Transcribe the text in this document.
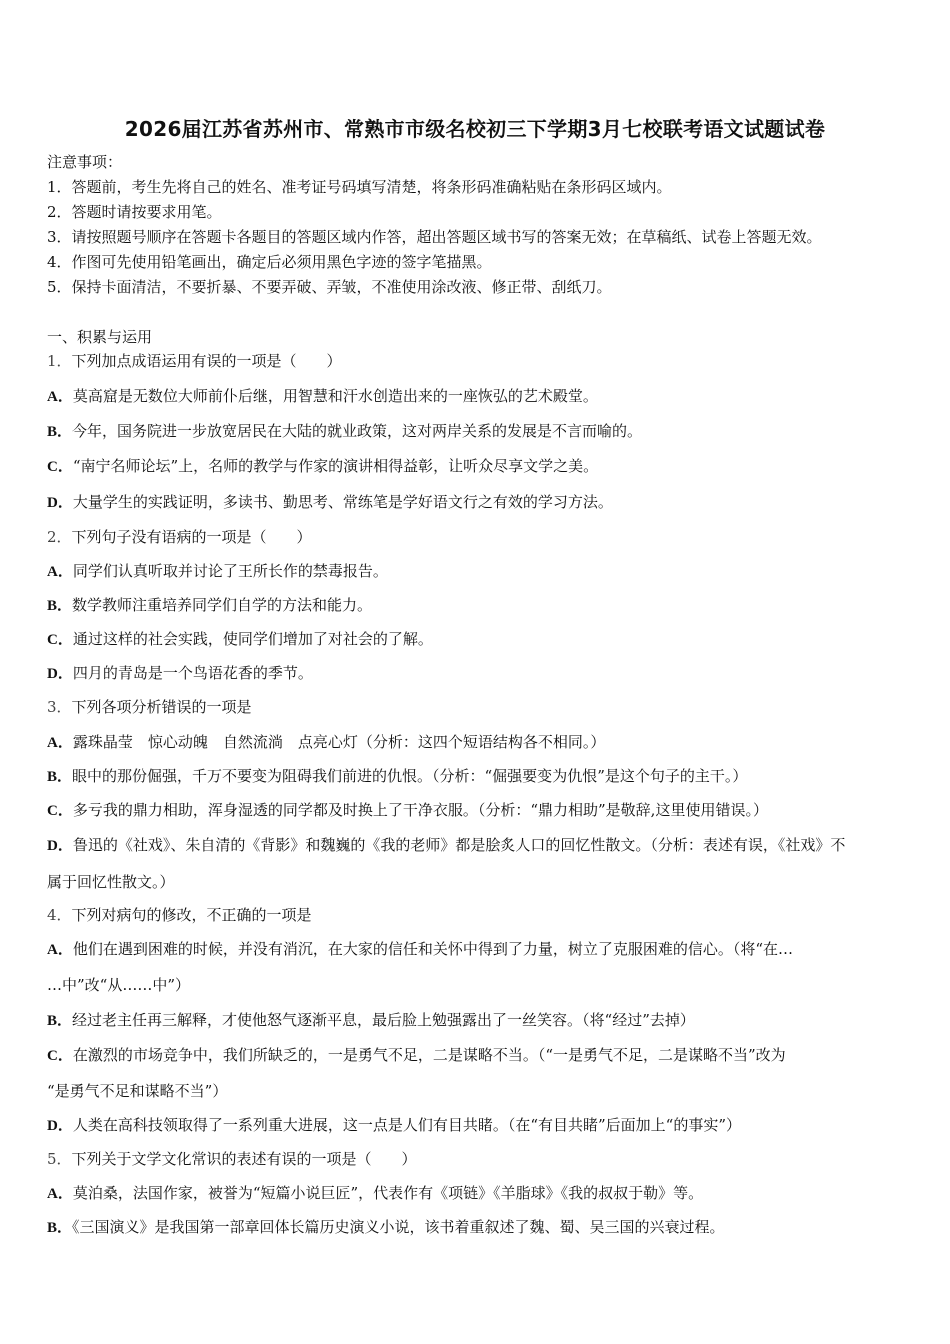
2026届江苏省苏州市、常熟市市级名校初三下学期3月七校联考语文试题试卷
注意事项：
1．答题前，考生先将自己的姓名、准考证号码填写清楚，将条形码准确粘贴在条形码区域内。
2．答题时请按要求用笔。
3．请按照题号顺序在答题卡各题目的答题区域内作答，超出答题区域书写的答案无效；在草稿纸、试卷上答题无效。
4．作图可先使用铅笔画出，确定后必须用黑色字迹的签字笔描黑。
5．保持卡面清洁，不要折暴、不要弄破、弄皱，不准使用涂改液、修正带、刮纸刀。
一、积累与运用
1．下列加点成语运用有误的一项是（　　）
A．莫高窟是无数位大师前仆后继，用智慧和汗水创造出来的一座恢弘的艺术殿堂。
B．今年，国务院进一步放宽居民在大陆的就业政策，这对两岸关系的发展是不言而喻的。
C．“南宁名师论坛”上，名师的教学与作家的演讲相得益彰，让听众尽享文学之美。
D．大量学生的实践证明，多读书、勤思考、常练笔是学好语文行之有效的学习方法。
2．下列句子没有语病的一项是（　　）
A．同学们认真听取并讨论了王所长作的禁毒报告。
B．数学教师注重培养同学们自学的方法和能力。
C．通过这样的社会实践，使同学们增加了对社会的了解。
D．四月的青岛是一个鸟语花香的季节。
3．下列各项分析错误的一项是
A．露珠晶莹　惊心动魄　自然流淌　点亮心灯（分析：这四个短语结构各不相同。）
B．眼中的那份倔强，千万不要变为阻碍我们前进的仇恨。（分析：“倔强要变为仇恨”是这个句子的主干。）
C．多亏我的鼎力相助，浑身湿透的同学都及时换上了干净衣服。（分析：“鼎力相助”是敬辞,这里使用错误。）
D．鲁迅的《社戏》、朱自清的《背影》和魏巍的《我的老师》都是脍炙人口的回忆性散文。（分析：表述有误，《社戏》不
属于回忆性散文。）
4．下列对病句的修改，不正确的一项是
A．他们在遇到困难的时候，并没有消沉，在大家的信任和关怀中得到了力量，树立了克服困难的信心。（将“在…
…中”改“从……中”）
B．经过老主任再三解释，才使他怒气逐渐平息，最后脸上勉强露出了一丝笑容。（将“经过”去掉）
C．在激烈的市场竞争中，我们所缺乏的，一是勇气不足，二是谋略不当。（“一是勇气不足，二是谋略不当”改为
“是勇气不足和谋略不当”）
D．人类在高科技领取得了一系列重大进展，这一点是人们有目共睹。（在“有目共睹”后面加上“的事实”）
5．下列关于文学文化常识的表述有误的一项是（　　）
A．莫泊桑，法国作家，被誉为“短篇小说巨匠”，代表作有《项链》《羊脂球》《我的叔叔于勒》等。
B．《三国演义》是我国第一部章回体长篇历史演义小说，该书着重叙述了魏、蜀、吴三国的兴衰过程。
